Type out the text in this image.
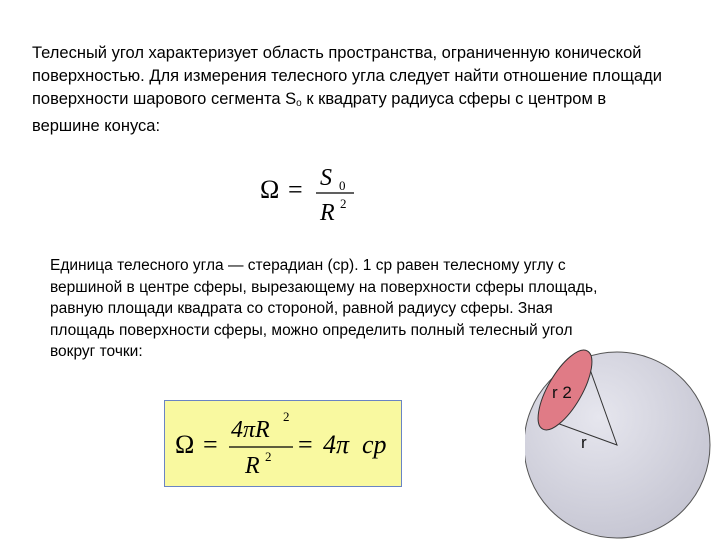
Телесный угол характеризует область пространства, ограниченную конической поверхностью. Для измерения телесного угла следует найти отношение площади поверхности шарового сегмента $S_o$ к квадрату радиуса сферы с центром в вершине конуса:
Ω = S 0
R 2
Единица телесного угла — стерадиан (ср). 1 ср равен телесному углу с вершиной в центре сферы, вырезающему на поверхности сферы площадь, равную площади квадрата со стороной, равной радиусу сферы. Зная площадь поверхности сферы, можно определить полный телесный угол вокруг точки:
Ω = 4πR
2
R 2 = 4π ср
r 2
r
